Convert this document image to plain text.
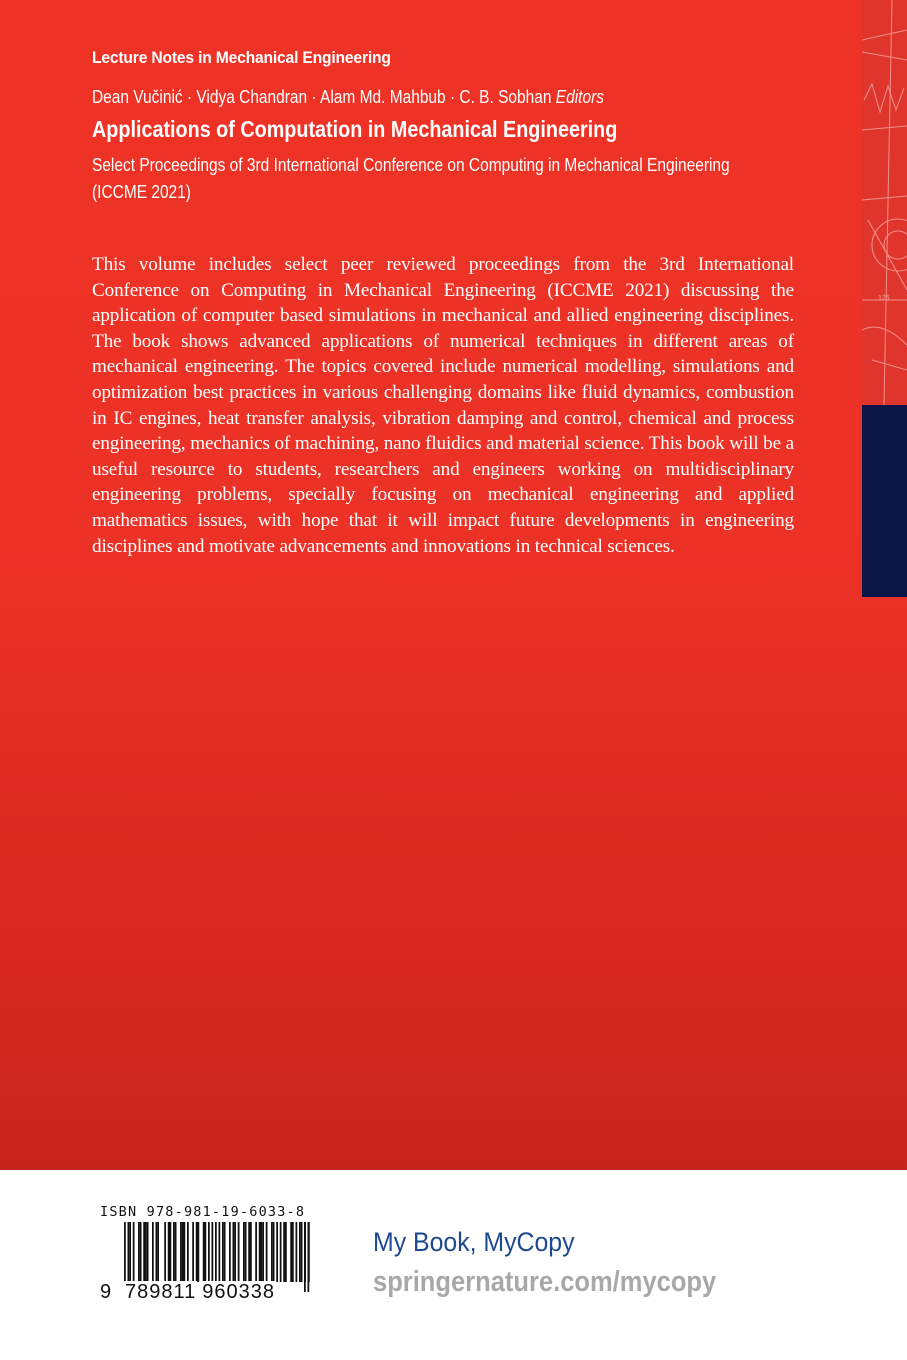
125
Lecture Notes in Mechanical Engineering
Dean Vučinić · Vidya Chandran · Alam Md. Mahbub · C. B. Sobhan Editors
Applications of Computation in Mechanical Engineering
Select Proceedings of 3rd International Conference on Computing in Mechanical Engineering (ICCME 2021)
This volume includes select peer reviewed proceedings from the 3rd International Conference on Computing in Mechanical Engineering (ICCME 2021) discussing the application of computer based simulations in mechanical and allied engineering disciplines. The book shows advanced applications of numerical techniques in different areas of mechanical engineering. The topics covered include numerical modelling, simulations and optimization best practices in various challenging domains like fluid dynamics, combustion in IC engines, heat transfer analysis, vibration damping and control, chemical and process engineering, mechanics of machining, nano fluidics and material science. This book will be a useful resource to students, researchers and engineers working on multidisciplinary engineering problems, specially focusing on mechanical engineering and applied mathematics issues, with hope that it will impact future developments in engineering disciplines and motivate advancements and innovations in technical sciences.
ISBN 978-981-19-6033-8
9 789811 960338
My Book, MyCopy
springernature.com/mycopy
